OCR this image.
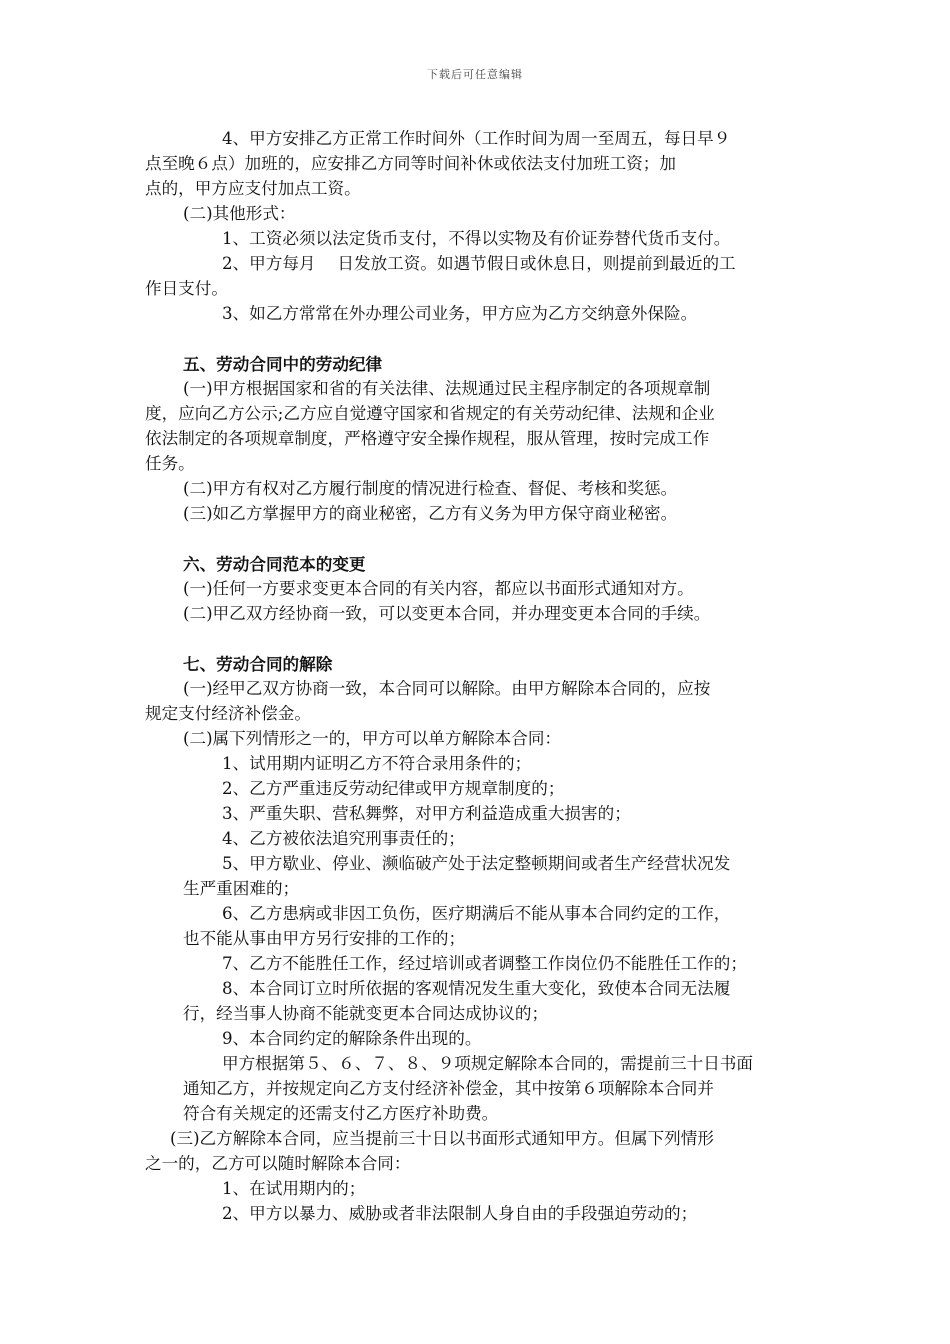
下载后可任意编辑
4、甲方安排乙方正常工作时间外（工作时间为周一至周五，每日早９
点至晚６点）加班的，应安排乙方同等时间补休或依法支付加班工资；加
点的，甲方应支付加点工资。
(二)其他形式：
1、工资必须以法定货币支付，不得以实物及有价证券替代货币支付。
2、甲方每月　 日发放工资。如遇节假日或休息日，则提前到最近的工
作日支付。
3、如乙方常常在外办理公司业务，甲方应为乙方交纳意外保险。
五、劳动合同中的劳动纪律
(一)甲方根据国家和省的有关法律、法规通过民主程序制定的各项规章制
度，应向乙方公示;乙方应自觉遵守国家和省规定的有关劳动纪律、法规和企业
依法制定的各项规章制度，严格遵守安全操作规程，服从管理，按时完成工作
任务。
(二)甲方有权对乙方履行制度的情况进行检查、督促、考核和奖惩。
(三)如乙方掌握甲方的商业秘密，乙方有义务为甲方保守商业秘密。
六、劳动合同范本的变更
(一)任何一方要求变更本合同的有关内容，都应以书面形式通知对方。
(二)甲乙双方经协商一致，可以变更本合同，并办理变更本合同的手续。
七、劳动合同的解除
(一)经甲乙双方协商一致，本合同可以解除。由甲方解除本合同的，应按
规定支付经济补偿金。
(二)属下列情形之一的，甲方可以单方解除本合同：
1、试用期内证明乙方不符合录用条件的；
2、乙方严重违反劳动纪律或甲方规章制度的；
3、严重失职、营私舞弊，对甲方利益造成重大损害的；
4、乙方被依法追究刑事责任的；
5、甲方歇业、停业、濒临破产处于法定整顿期间或者生产经营状况发
生严重困难的；
6、乙方患病或非因工负伤，医疗期满后不能从事本合同约定的工作，
也不能从事由甲方另行安排的工作的；
7、乙方不能胜任工作，经过培训或者调整工作岗位仍不能胜任工作的；
8、本合同订立时所依据的客观情况发生重大变化，致使本合同无法履
行，经当事人协商不能就变更本合同达成协议的；
9、本合同约定的解除条件出现的。
甲方根据第５、６、７、８、９项规定解除本合同的，需提前三十日书面
通知乙方，并按规定向乙方支付经济补偿金，其中按第６项解除本合同并
符合有关规定的还需支付乙方医疗补助费。
(三)乙方解除本合同，应当提前三十日以书面形式通知甲方。但属下列情形
之一的，乙方可以随时解除本合同：
1、在试用期内的；
2、甲方以暴力、威胁或者非法限制人身自由的手段强迫劳动的；
